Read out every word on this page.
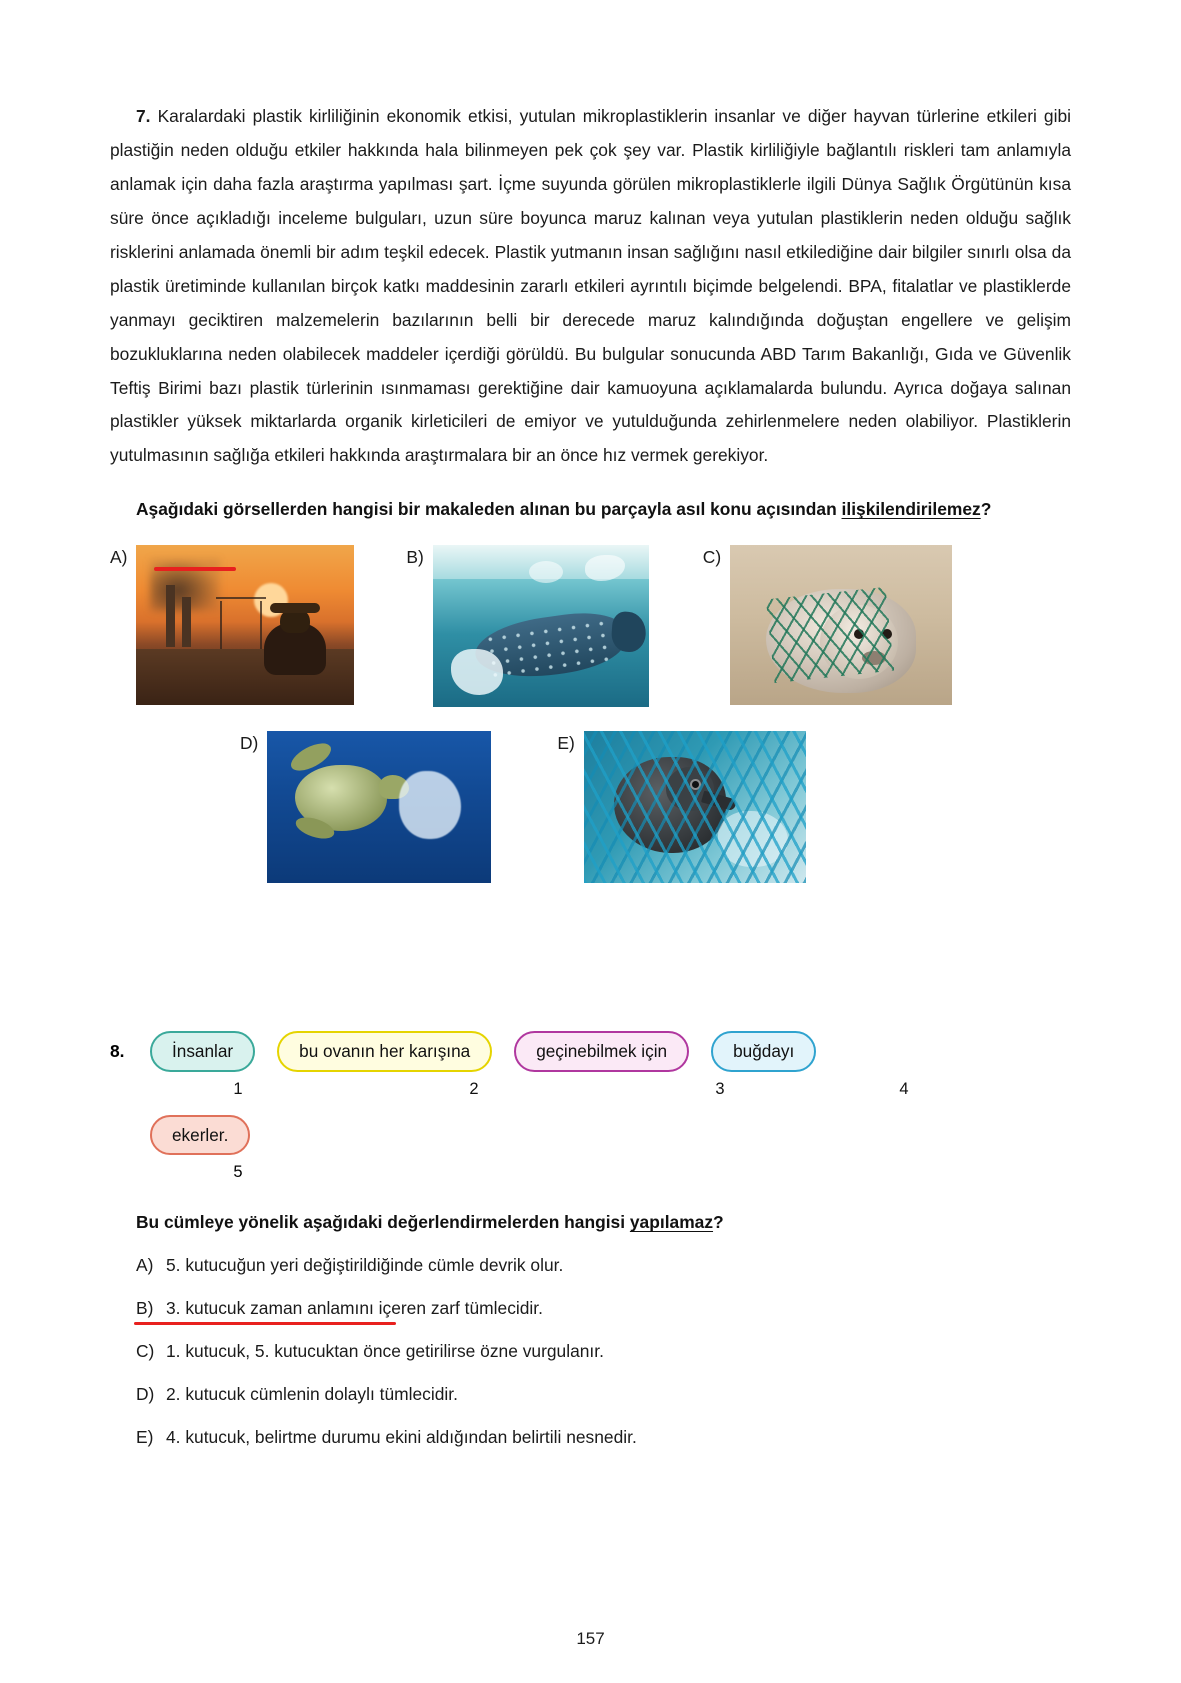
7. Karalardaki plastik kirliliğinin ekonomik etkisi, yutulan mikroplastiklerin insanlar ve diğer hayvan türlerine etkileri gibi plastiğin neden olduğu etkiler hakkında hala bilinmeyen pek çok şey var. Plastik kirliliğiyle bağlantılı riskleri tam anlamıyla anlamak için daha fazla araştırma yapılması şart. İçme suyunda görülen mikroplastiklerle ilgili Dünya Sağlık Örgütünün kısa süre önce açıkladığı inceleme bulguları, uzun süre boyunca maruz kalınan veya yutulan plastiklerin neden olduğu sağlık risklerini anlamada önemli bir adım teşkil edecek. Plastik yutmanın insan sağlığını nasıl etkilediğine dair bilgiler sınırlı olsa da plastik üretiminde kullanılan birçok katkı maddesinin zararlı etkileri ayrıntılı biçimde belgelendi. BPA, fitalatlar ve plastiklerde yanmayı geciktiren malzemelerin bazılarının belli bir derecede maruz kalındığında doğuştan engellere ve gelişim bozukluklarına neden olabilecek maddeler içerdiği görüldü. Bu bulgular sonucunda ABD Tarım Bakanlığı, Gıda ve Güvenlik Teftiş Birimi bazı plastik türlerinin ısınmaması gerektiğine dair kamuoyuna açıklamalarda bulundu. Ayrıca doğaya salınan plastikler yüksek miktarlarda organik kirleticileri de emiyor ve yutulduğunda zehirlenmelere neden olabiliyor. Plastiklerin yutulmasının sağlığa etkileri hakkında araştırmalara bir an önce hız vermek gerekiyor.

Aşağıdaki görsellerden hangisi bir makaleden alınan bu parçayla asıl konu açısından ilişkilendirilemez?

A)	B)	C)
D)	E)
8.	İnsanlar	bu ovanın her karışına	geçinebilmek için	buğdayı
1	2	3	4
ekerler.
5
Bu cümleye yönelik aşağıdaki değerlendirmelerden hangisi yapılamaz?
A) 5. kutucuğun yeri değiştirildiğinde cümle devrik olur.
B) 3. kutucuk zaman anlamını içeren zarf tümlecidir.
C) 1. kutucuk, 5. kutucuktan önce getirilirse özne vurgulanır.
D) 2. kutucuk cümlenin dolaylı tümlecidir.
E) 4. kutucuk, belirtme durumu ekini aldığından belirtili nesnedir.
157
